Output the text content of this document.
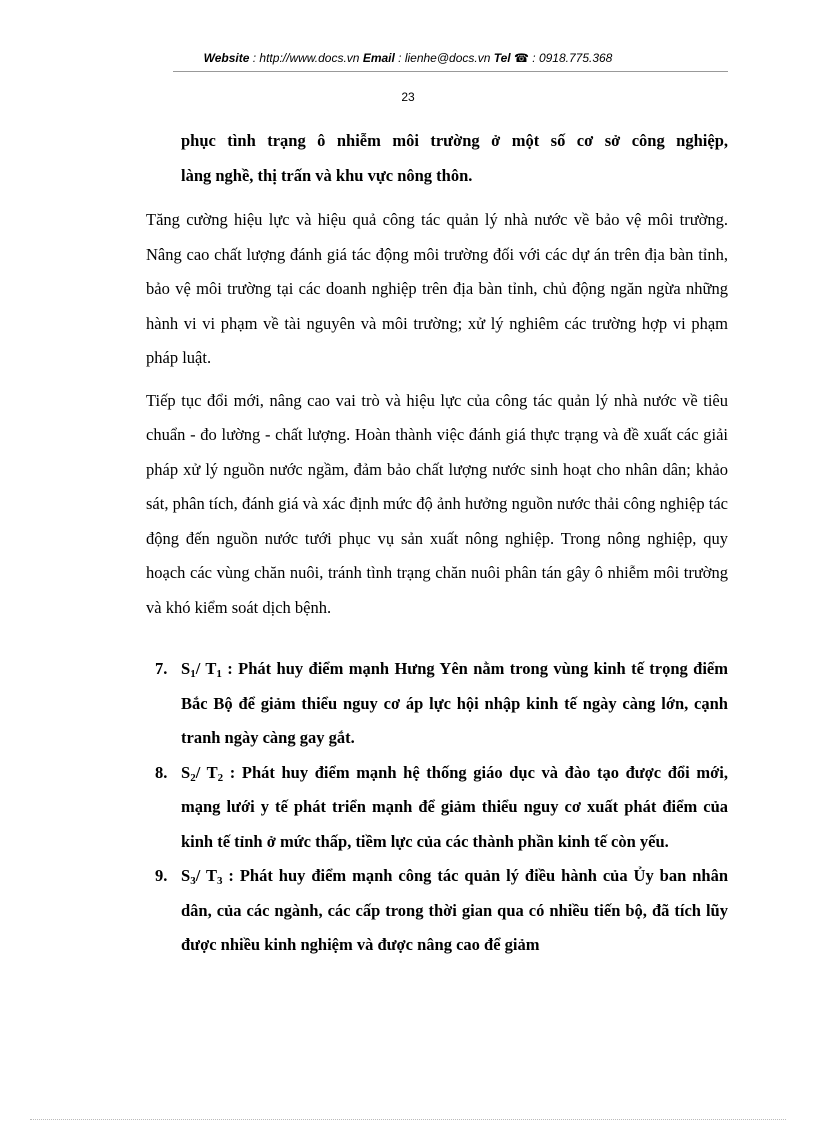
Website : http://www.docs.vn Email : lienhe@docs.vn Tel ☎ : 0918.775.368
23

phục tình trạng ô nhiễm môi trường ở một số cơ sở công nghiệp,

làng nghề, thị trấn và khu vực nông thôn.

Tăng cường hiệu lực và hiệu quả công tác quản lý nhà nước về bảo vệ môi trường. Nâng cao chất lượng đánh giá tác động môi trường đối với các dự án trên địa bàn tỉnh, bảo vệ môi trường tại các doanh nghiệp trên địa bàn tỉnh, chủ động ngăn ngừa những hành vi vi phạm về tài nguyên và môi trường; xử lý nghiêm các trường hợp vi phạm pháp luật.

Tiếp tục đổi mới, nâng cao vai trò và hiệu lực của công tác quản lý nhà nước về tiêu chuẩn - đo lường - chất lượng. Hoàn thành việc đánh giá thực trạng và đề xuất các giải pháp xử lý nguồn nước ngầm, đảm bảo chất lượng nước sinh hoạt cho nhân dân; khảo sát, phân tích, đánh giá và xác định mức độ ảnh hưởng nguồn nước thải công nghiệp tác động đến nguồn nước tưới phục vụ sản xuất nông nghiệp. Trong nông nghiệp, quy hoạch các vùng chăn nuôi, tránh tình trạng chăn nuôi phân tán gây ô nhiễm môi trường và khó kiểm soát dịch bệnh.

7. $S_1/$ $T_1$ : Phát huy điểm mạnh Hưng Yên nằm trong vùng kinh tế trọng điểm Bắc Bộ để giảm thiểu nguy cơ áp lực hội nhập kinh tế ngày càng lớn, cạnh tranh ngày càng gay gắt.
8. $S_2/$ $T_2$ : Phát huy điểm mạnh hệ thống giáo dục và đào tạo được đổi mới, mạng lưới y tế phát triển mạnh để giảm thiểu nguy cơ xuất phát điểm của kinh tế tỉnh ở mức thấp, tiềm lực của các thành phần kinh tế còn yếu.
9. $S_3/$ $T_3$ : Phát huy điểm mạnh công tác quản lý điều hành của Ủy ban nhân dân, của các ngành, các cấp trong thời gian qua có nhiều tiến bộ, đã tích lũy được nhiều kinh nghiệm và được nâng cao để giảm
